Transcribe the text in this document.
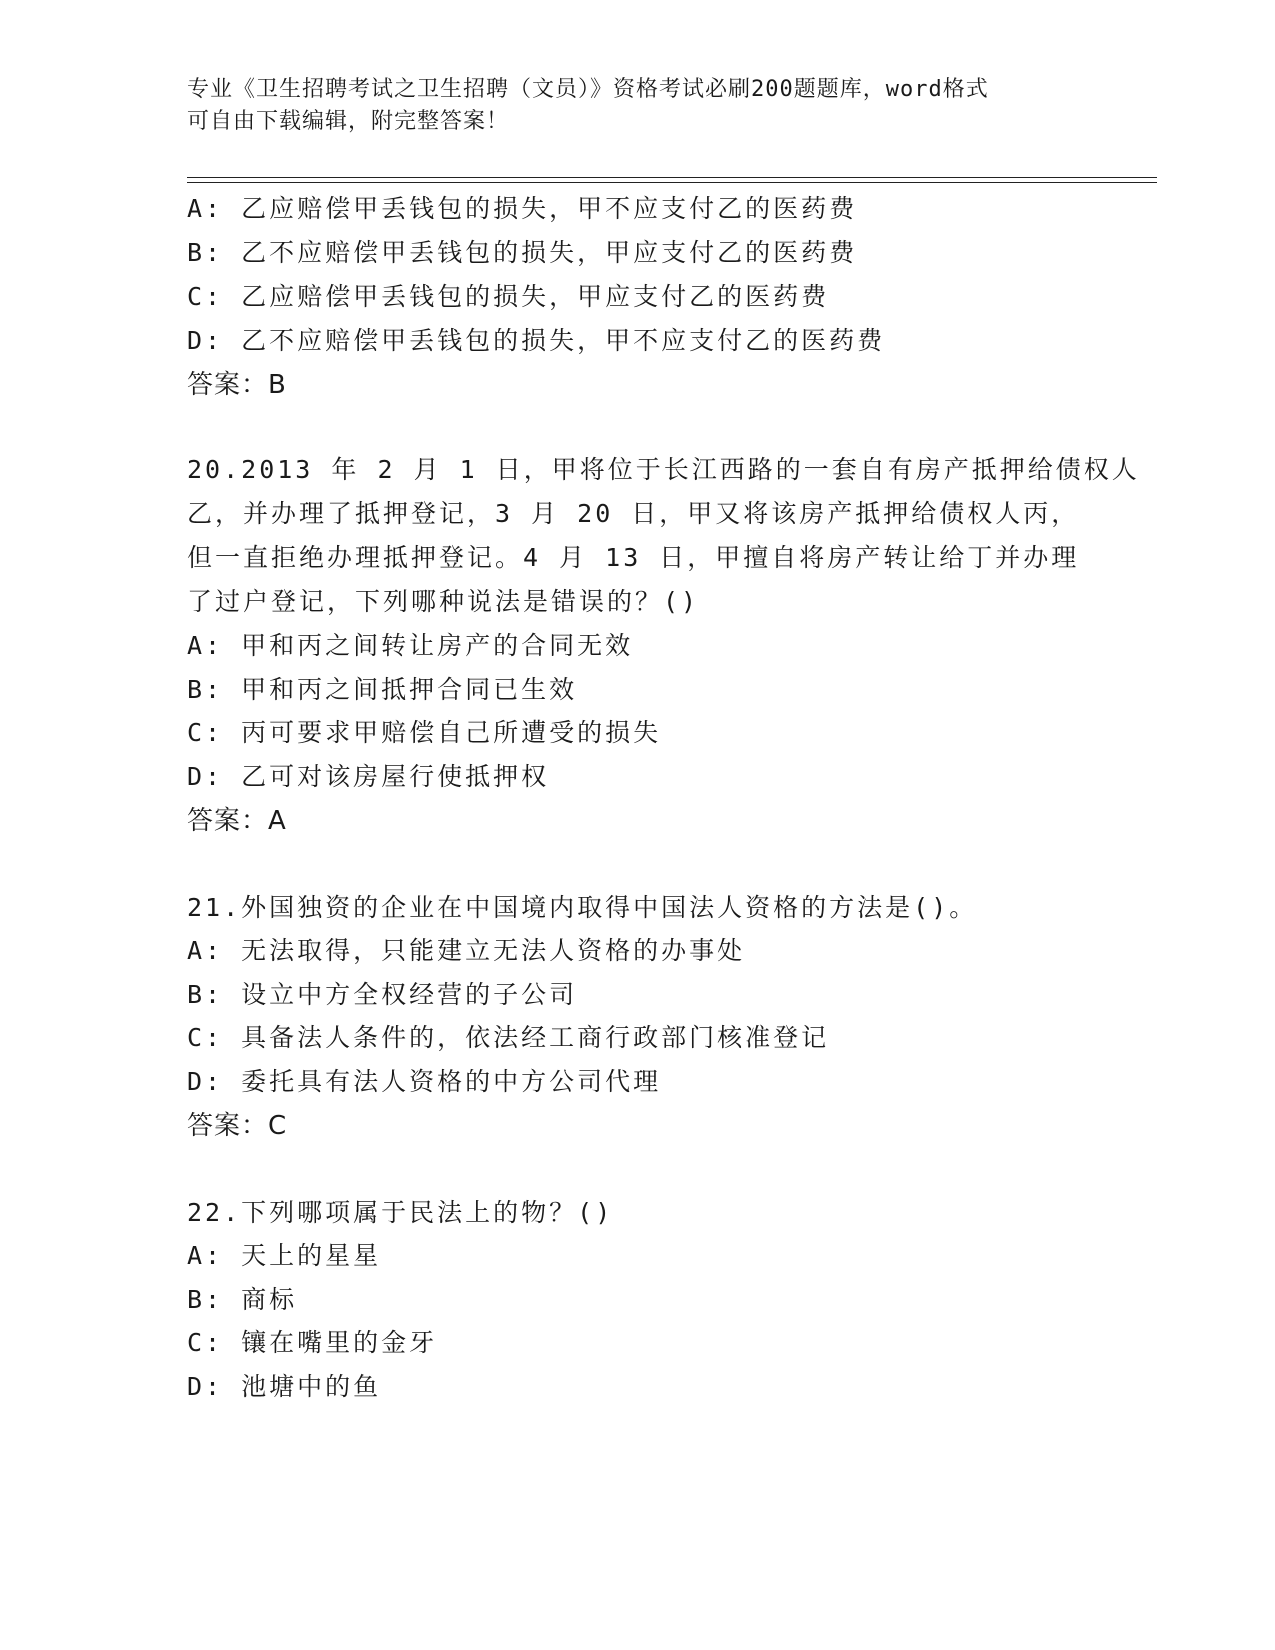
专业《卫生招聘考试之卫生招聘（文员）》资格考试必刷200题题库，word格式
可自由下载编辑，附完整答案！
A: 乙应赔偿甲丢钱包的损失，甲不应支付乙的医药费
B: 乙不应赔偿甲丢钱包的损失，甲应支付乙的医药费
C: 乙应赔偿甲丢钱包的损失，甲应支付乙的医药费
D: 乙不应赔偿甲丢钱包的损失，甲不应支付乙的医药费
答案：B
20.2013 年 2 月 1 日，甲将位于长江西路的一套自有房产抵押给债权人
乙，并办理了抵押登记，3 月 20 日，甲又将该房产抵押给债权人丙，
但一直拒绝办理抵押登记。4 月 13 日，甲擅自将房产转让给丁并办理
了过户登记，下列哪种说法是错误的？()
A: 甲和丙之间转让房产的合同无效
B: 甲和丙之间抵押合同已生效
C: 丙可要求甲赔偿自己所遭受的损失
D: 乙可对该房屋行使抵押权
答案：A
21.外国独资的企业在中国境内取得中国法人资格的方法是()。
A: 无法取得，只能建立无法人资格的办事处
B: 设立中方全权经营的子公司
C: 具备法人条件的，依法经工商行政部门核准登记
D: 委托具有法人资格的中方公司代理
答案：C
22.下列哪项属于民法上的物？()
A: 天上的星星
B: 商标
C: 镶在嘴里的金牙
D: 池塘中的鱼
